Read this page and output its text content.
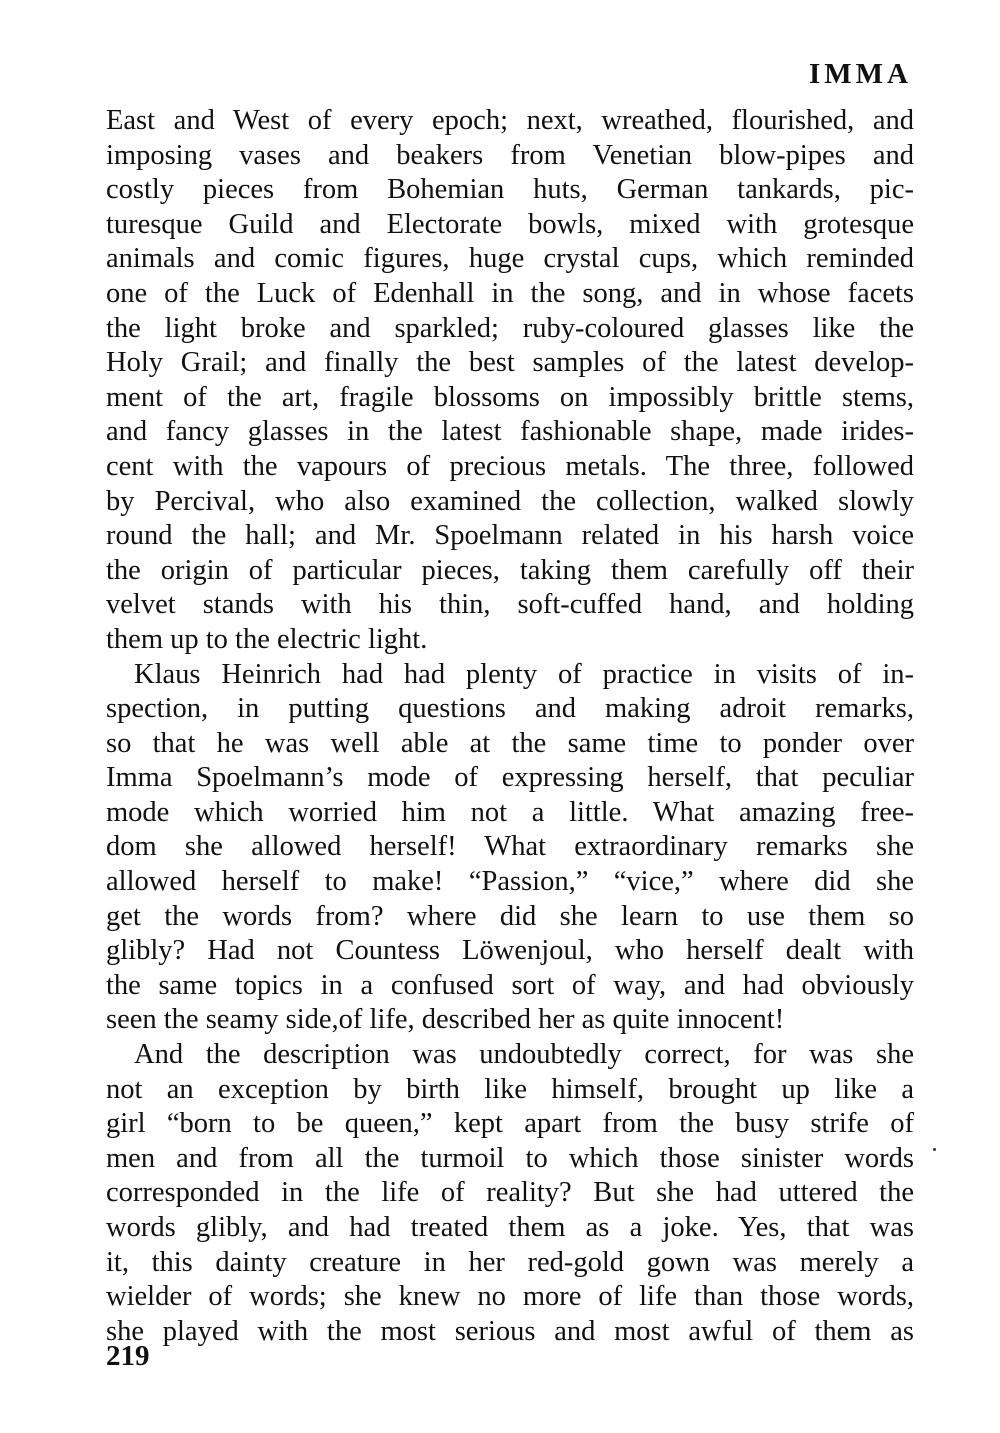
IMMA
East and West of every epoch; next, wreathed, flourished, and
imposing vases and beakers from Venetian blow-pipes and
costly pieces from Bohemian huts, German tankards, pic-
turesque Guild and Electorate bowls, mixed with grotesque
animals and comic figures, huge crystal cups, which reminded
one of the Luck of Edenhall in the song, and in whose facets
the light broke and sparkled; ruby-coloured glasses like the
Holy Grail; and finally the best samples of the latest develop-
ment of the art, fragile blossoms on impossibly brittle stems,
and fancy glasses in the latest fashionable shape, made irides-
cent with the vapours of precious metals. The three, followed
by Percival, who also examined the collection, walked slowly
round the hall; and Mr. Spoelmann related in his harsh voice
the origin of particular pieces, taking them carefully off their
velvet stands with his thin, soft-cuffed hand, and holding
them up to the electric light.
Klaus Heinrich had had plenty of practice in visits of in-
spection, in putting questions and making adroit remarks,
so that he was well able at the same time to ponder over
Imma Spoelmann’s mode of expressing herself, that peculiar
mode which worried him not a little. What amazing free-
dom she allowed herself! What extraordinary remarks she
allowed herself to make! “Passion,” “vice,” where did she
get the words from? where did she learn to use them so
glibly? Had not Countess Löwenjoul, who herself dealt with
the same topics in a confused sort of way, and had obviously
seen the seamy side,of life, described her as quite innocent!
And the description was undoubtedly correct, for was she
not an exception by birth like himself, brought up like a
girl “born to be queen,” kept apart from the busy strife of
men and from all the turmoil to which those sinister words
corresponded in the life of reality? But she had uttered the
words glibly, and had treated them as a joke. Yes, that was
it, this dainty creature in her red-gold gown was merely a
wielder of words; she knew no more of life than those words,
she played with the most serious and most awful of them as
219
